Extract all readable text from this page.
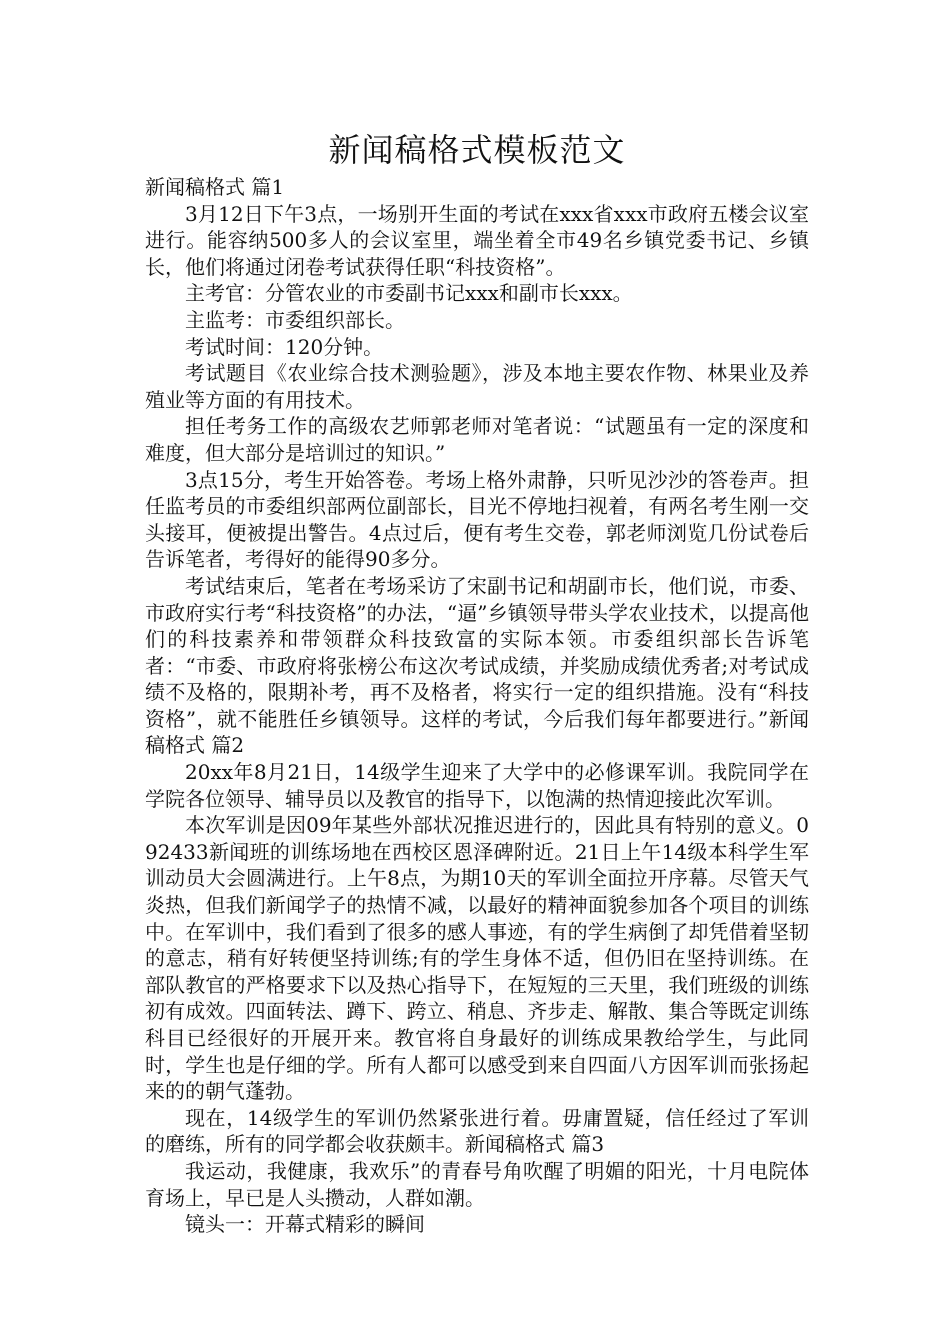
新闻稿格式模板范文

新闻稿格式 篇1

3月12日下午3点，一场别开生面的考试在xxx省xxx市政府五楼会议室进行。能容纳500多人的会议室里，端坐着全市49名乡镇党委书记、乡镇长，他们将通过闭卷考试获得任职“科技资格”。

主考官：分管农业的市委副书记xxx和副市长xxx。

主监考：市委组织部长。

考试时间：120分钟。

考试题目《农业综合技术测验题》，涉及本地主要农作物、林果业及养殖业等方面的有用技术。

担任考务工作的高级农艺师郭老师对笔者说：“试题虽有一定的深度和难度，但大部分是培训过的知识。”

3点15分，考生开始答卷。考场上格外肃静，只听见沙沙的答卷声。担任监考员的市委组织部两位副部长，目光不停地扫视着，有两名考生刚一交头接耳，便被提出警告。4点过后，便有考生交卷，郭老师浏览几份试卷后告诉笔者，考得好的能得90多分。

考试结束后，笔者在考场采访了宋副书记和胡副市长，他们说，市委、市政府实行考“科技资格”的办法，“逼”乡镇领导带头学农业技术，以提高他们的科技素养和带领群众科技致富的实际本领。市委组织部长告诉笔者：“市委、市政府将张榜公布这次考试成绩，并奖励成绩优秀者;对考试成绩不及格的，限期补考，再不及格者，将实行一定的组织措施。没有“科技资格”，就不能胜任乡镇领导。这样的考试，今后我们每年都要进行。”新闻稿格式 篇2

20xx年8月21日，14级学生迎来了大学中的必修课军训。我院同学在学院各位领导、辅导员以及教官的指导下，以饱满的热情迎接此次军训。

本次军训是因09年某些外部状况推迟进行的，因此具有特别的意义。092433新闻班的训练场地在西校区恩泽碑附近。21日上午14级本科学生军训动员大会圆满进行。上午8点，为期10天的军训全面拉开序幕。尽管天气炎热，但我们新闻学子的热情不减，以最好的精神面貌参加各个项目的训练中。在军训中，我们看到了很多的感人事迹，有的学生病倒了却凭借着坚韧的意志，稍有好转便坚持训练;有的学生身体不适，但仍旧在坚持训练。在部队教官的严格要求下以及热心指导下，在短短的三天里，我们班级的训练初有成效。四面转法、蹲下、跨立、稍息、齐步走、解散、集合等既定训练科目已经很好的开展开来。教官将自身最好的训练成果教给学生，与此同时，学生也是仔细的学。所有人都可以感受到来自四面八方因军训而张扬起来的的朝气蓬勃。

现在，14级学生的军训仍然紧张进行着。毋庸置疑，信任经过了军训的磨练，所有的同学都会收获颇丰。新闻稿格式 篇3

我运动，我健康，我欢乐”的青春号角吹醒了明媚的阳光，十月电院体育场上，早已是人头攒动，人群如潮。

镜头一：开幕式精彩的瞬间
